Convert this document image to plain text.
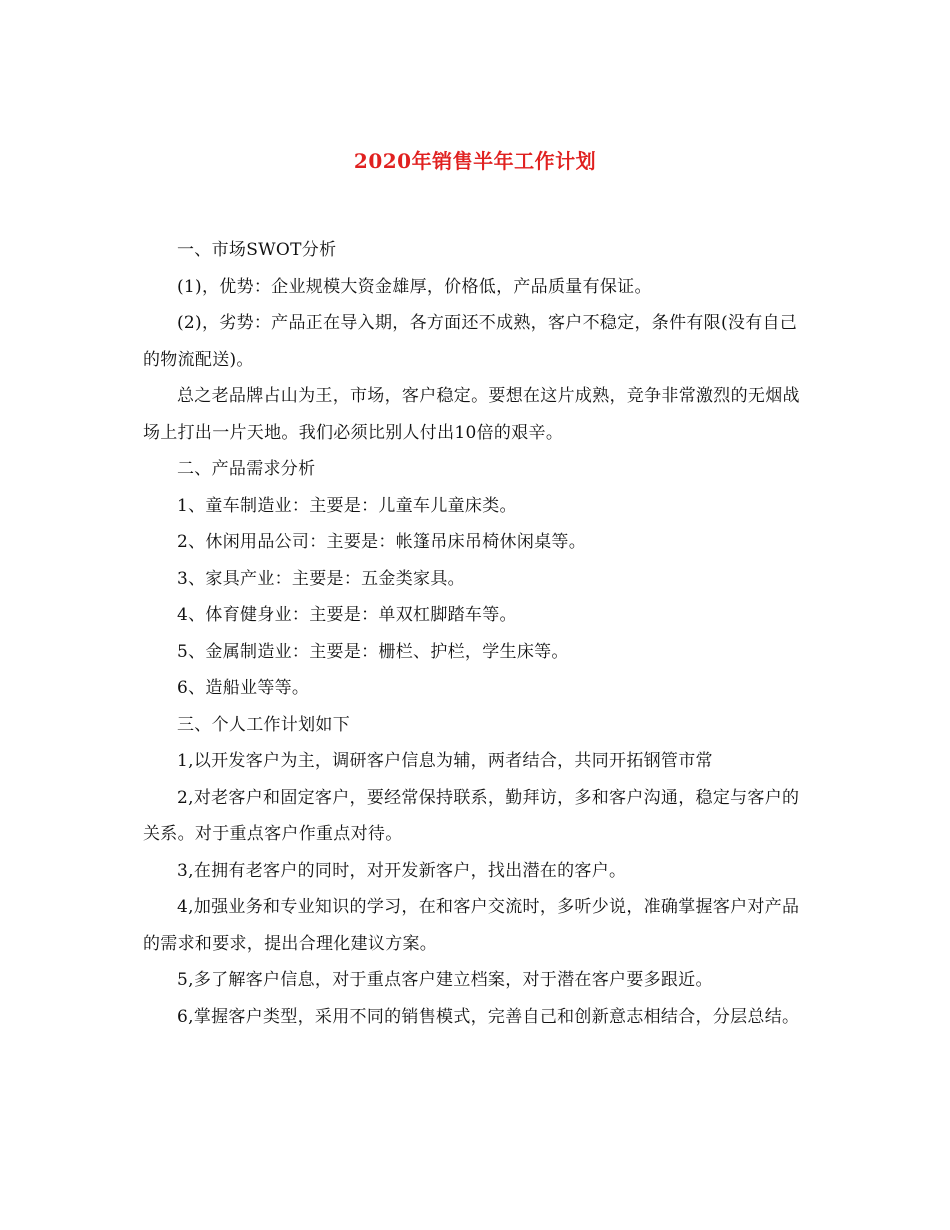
2020年销售半年工作计划

一、市场SWOT分析

(1)，优势：企业规模大资金雄厚，价格低，产品质量有保证。

(2)，劣势：产品正在导入期，各方面还不成熟，客户不稳定，条件有限(没有自己的物流配送)。

总之老品牌占山为王，市场，客户稳定。要想在这片成熟，竞争非常激烈的无烟战场上打出一片天地。我们必须比别人付出10倍的艰辛。

二、产品需求分析

1、童车制造业：主要是：儿童车儿童床类。

2、休闲用品公司：主要是：帐篷吊床吊椅休闲桌等。

3、家具产业：主要是：五金类家具。

4、体育健身业：主要是：单双杠脚踏车等。

5、金属制造业：主要是：栅栏、护栏，学生床等。

6、造船业等等。

三、个人工作计划如下

1,以开发客户为主，调研客户信息为辅，两者结合，共同开拓钢管市常

2,对老客户和固定客户，要经常保持联系，勤拜访，多和客户沟通，稳定与客户的关系。对于重点客户作重点对待。

3,在拥有老客户的同时，对开发新客户，找出潜在的客户。

4,加强业务和专业知识的学习，在和客户交流时，多听少说，准确掌握客户对产品的需求和要求，提出合理化建议方案。

5,多了解客户信息，对于重点客户建立档案，对于潜在客户要多跟近。

6,掌握客户类型，采用不同的销售模式，完善自己和创新意志相结合，分层总结。
